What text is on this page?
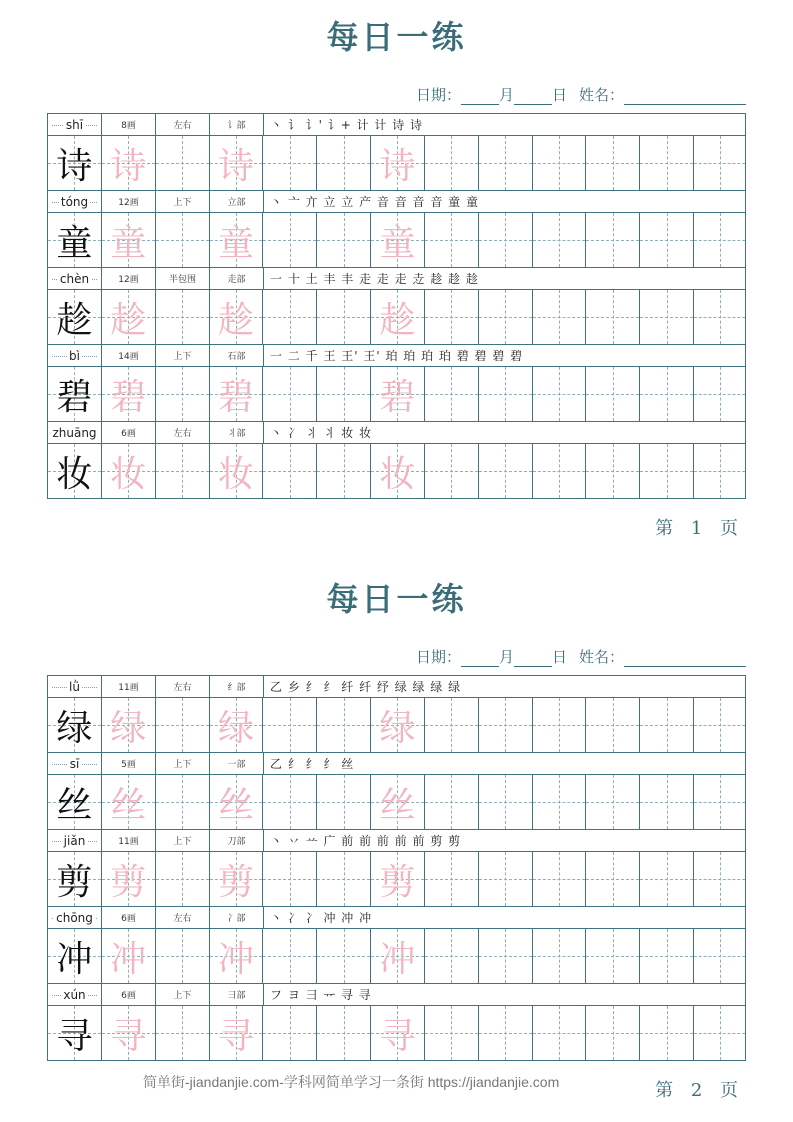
每日一练
日期：	月	日 姓名：
shī	8画	左右	讠部 丶 讠 讠' 讠+ 计 计 诗 诗
诗 诗 诗	诗
tóng	12画	上下	立部 丶 亠 亣 立 立 产 音 音 音 音 童 童
童 童 童	童
chèn	12画	半包围	走部 一 十 土 丰 丰 走 走 走 赱 趁 趁 趁
趁 趁 趁	趁
bì	14画	上下	石部 一 二 千 王 王' 王' 珀 珀 珀 珀 碧 碧 碧 碧
碧 碧 碧	碧
zhuāng	6画	左右	丬部 丶 冫 丬 丬 妆 妆
妆 妆 妆	妆
第 1 页
每日一练
日期：	月	日 姓名：
lǜ	11画	左右	纟部 乙 乡 纟 纟 纤 纤 纾 绿 绿 绿 绿
绿 绿 绿	绿
sī	5画	上下	一部 乙 纟 纟 纟 丝
丝 丝 丝	丝
jiǎn	11画	上下	刀部 丶 丷 䒑 广 前 前 前 前 前 剪 剪
剪 剪 剪	剪
chōng	6画	左右	冫部 丶 冫 冫 冲 冲 冲
冲 冲 冲	冲
xún	6画	上下	彐部 フ ヨ 彐 ᅲ 寻 寻
寻 寻 寻	寻
第 2 页
简单街-jiandanjie.com-学科网简单学习一条街 https://jiandanjie.com
